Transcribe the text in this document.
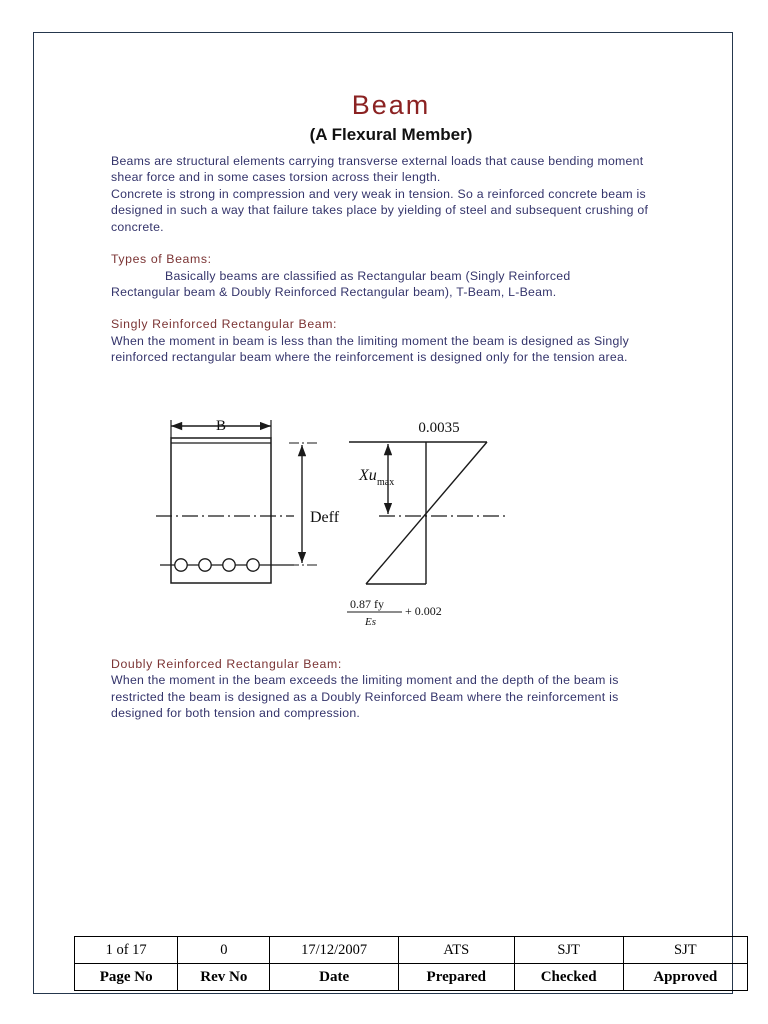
Beam
(A Flexural Member)

Beams are structural elements carrying transverse external loads that cause bending moment shear force and in some cases torsion across their length.

Concrete is strong in compression and very weak in tension. So a reinforced concrete beam is designed in such a way that failure takes place by yielding of steel and subsequent crushing of concrete.

Types of Beams:

Basically beams are classified as Rectangular beam (Singly Reinforced

Rectangular beam & Doubly Reinforced Rectangular beam), T-Beam, L-Beam.

Singly Reinforced Rectangular Beam:

When the moment in beam is less than the limiting moment the beam is designed as Singly reinforced rectangular beam where the reinforcement is designed only for the tension area.

B
Deff
0.0035
Xu max
0.87 fy
Es
+ 0.002
Doubly Reinforced Rectangular Beam:

When the moment in the beam exceeds the limiting moment and the depth of the beam is restricted the beam is designed as a Doubly Reinforced Beam where the reinforcement is designed for both tension and compression.

1 of 17	0	17/12/2007	ATS	SJT	SJT
Page No	Rev No	Date	Prepared	Checked	Approved
